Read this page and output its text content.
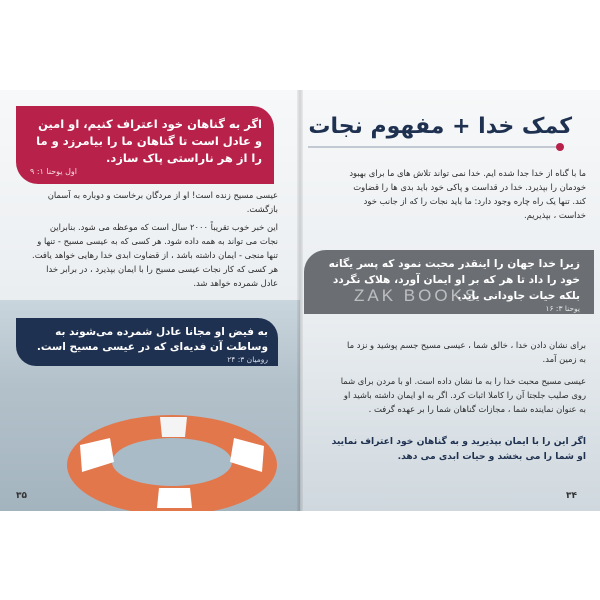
اگر به گناهان خود اعتراف کنیم، او امین و عادل است تا گناهان ما را بیامرزد و ما را از هر ناراستی پاک سازد.
اول یوحنا ۱: ۹
عیسی مسیح زنده است! او از مردگان برخاست و دوباره به آسمان بازگشت.
این خبر خوب تقریباً ۲۰۰۰ سال است که موعظه می شود. بنابراین نجات می تواند به همه داده شود. هر کسی که به عیسی مسیح - تنها و تنها منجی - ایمان داشته باشد ، از قضاوت ابدی خدا رهایی خواهد یافت. هر کسی که کار نجات عیسی مسیح را با ایمان بپذیرد ، در برابر خدا عادل شمرده خواهد شد.
به فیض او مجانا عادل شمرده می‌شوند به وساطت آن فدیه‌ای که در عیسی مسیح است.
رومیان ۳: ۲۴
۳۵
کمک خدا + مفهوم نجات
ما با گناه از خدا جدا شده ایم. خدا نمی تواند تلاش های ما برای بهبود خودمان را بپذیرد. خدا در قداست و پاکی خود باید بدی ها را قضاوت کند. تنها یک راه چاره وجود دارد: ما باید نجات را که از جانب خود خداست ، بپذیریم.
زیرا خدا جهان را اینقدر محبت نمود که پسر یگانه خود را داد تا هر که بر او ایمان آورد، هلاک نگردد بلکه حیات جاودانی یابد.
یوحنا ۳: ۱۶
ZAK BOOKS
برای نشان دادن خدا ، خالق شما ، عیسی مسیح جسم پوشید و نزد ما به زمین آمد.
عیسی مسیح محبت خدا را به ما نشان داده است. او با مردن برای شما روی صلیب جلجتا آن را کاملا اثبات کرد. اگر به او ایمان داشته باشید او به عنوان نماینده شما ، مجازات گناهان شما را بر عهده گرفت .
اگر این را با ایمان بپذیرید و به گناهان خود اعتراف نمایید او شما را می بخشد و حیات ابدی می دهد.
۳۴
